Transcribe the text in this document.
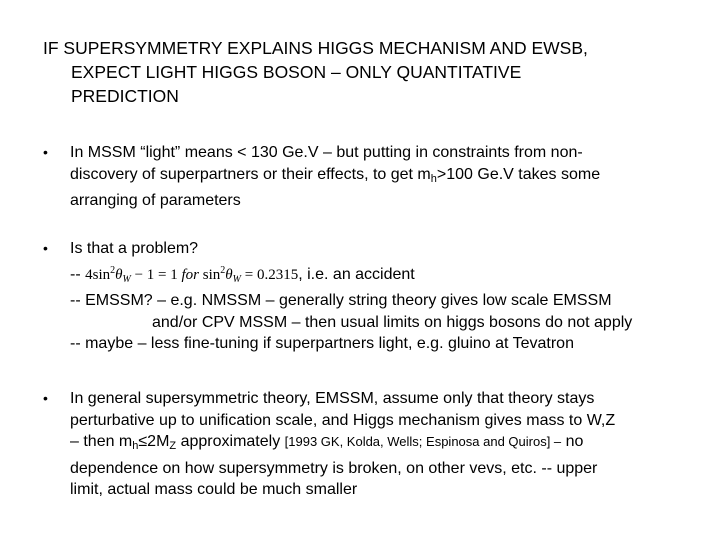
IF SUPERSYMMETRY EXPLAINS HIGGS MECHANISM AND EWSB,
EXPECT LIGHT HIGGS BOSON – ONLY QUANTITATIVE
PREDICTION
•	In MSSM “light” means < 130 Ge.V – but putting in constraints from non-
discovery of superpartners or their effects, to get $m_h>100$ Ge.V takes some
arranging of parameters
•	Is that a problem?
-- $4\sin^2\theta_W - 1 = 1$ for $\sin^2\theta_W = 0.2315$, i.e. an accident
-- EMSSM? – e.g. NMSSM – generally string theory gives low scale EMSSM
and/or CPV MSSM – then usual limits on higgs bosons do not apply
-- maybe – less fine-tuning if superpartners light, e.g. gluino at Tevatron
•	In general supersymmetric theory, EMSSM, assume only that theory stays
perturbative up to unification scale, and Higgs mechanism gives mass to W,Z
– then $m_h\le 2M_Z$ approximately [1993 GK, Kolda, Wells; Espinosa and Quiros] – no
dependence on how supersymmetry is broken, on other vevs, etc. -- upper
limit, actual mass could be much smaller
